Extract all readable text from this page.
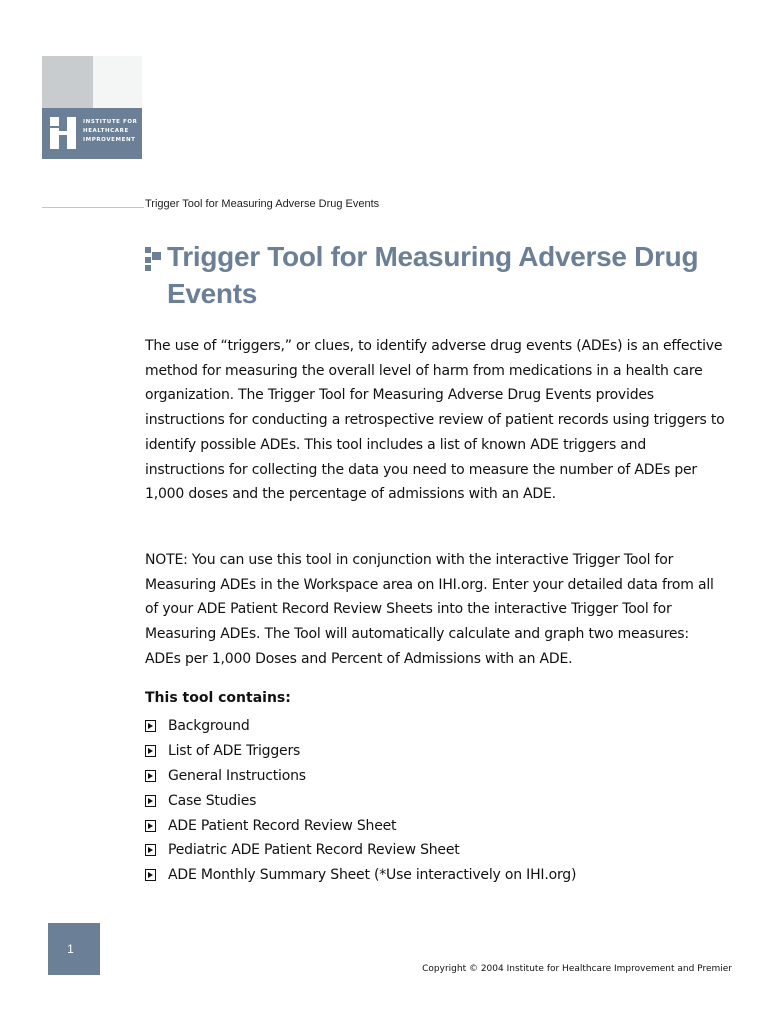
INSTITUTE FOR
HEALTHCARE
IMPROVEMENT
Trigger Tool for Measuring Adverse Drug Events
Trigger Tool for Measuring Adverse Drug Events

The use of “triggers,” or clues, to identify adverse drug events (ADEs) is an effective method for measuring the overall level of harm from medications in a health care organization. The Trigger Tool for Measuring Adverse Drug Events provides instructions for conducting a retrospective review of patient records using triggers to identify possible ADEs. This tool includes a list of known ADE triggers and instructions for collecting the data you need to measure the number of ADEs per 1,000 doses and the percentage of admissions with an ADE.

NOTE: You can use this tool in conjunction with the interactive Trigger Tool for Measuring ADEs in the Workspace area on IHI.org. Enter your detailed data from all of your ADE Patient Record Review Sheets into the interactive Trigger Tool for Measuring ADEs. The Tool will automatically calculate and graph two measures: ADEs per 1,000 Doses and Percent of Admissions with an ADE.

This tool contains:
Background
List of ADE Triggers
General Instructions
Case Studies
ADE Patient Record Review Sheet
Pediatric ADE Patient Record Review Sheet
ADE Monthly Summary Sheet (*Use interactively on IHI.org)
1
Copyright © 2004 Institute for Healthcare Improvement and Premier
